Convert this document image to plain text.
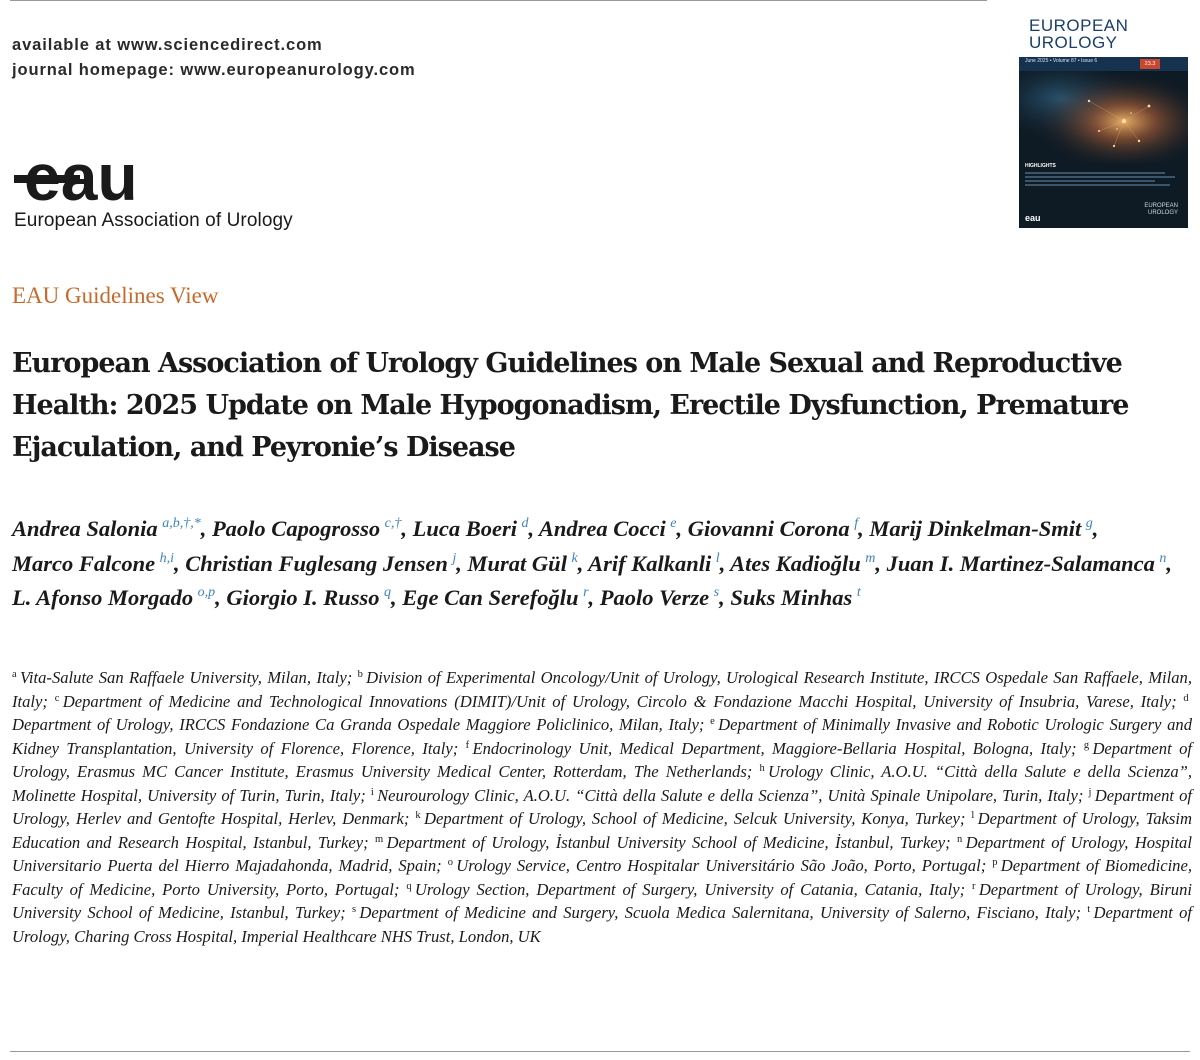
available at www.sciencedirect.com
journal homepage: www.europeanurology.com
eau
European Association of Urology
EUROPEAN
UROLOGY
June 2025 • Volume 87 • Issue 6	23.3
HIGHLIGHTS
eau
EUROPEAN
UROLOGY
EAU Guidelines View
European Association of Urology Guidelines on Male Sexual and Reproductive Health: 2025 Update on Male Hypogonadism, Erectile Dysfunction, Premature Ejaculation, and Peyronie’s Disease

Andrea Salonia  $^{a,b,\dagger,*}$, Paolo Capogrosso  $^{c,\dagger}$, Luca Boeri  $^d$, Andrea Cocci  $^e$, Giovanni Corona  $^f$, Marij Dinkelman-Smit  $^g$, Marco Falcone  $^{h,i}$, Christian Fuglesang Jensen  $^j$, Murat Gül  $^k$, Arif Kalkanli  $^l$, Ates Kadioğlu  $^m$, Juan I. Martinez-Salamanca  $^n$, L. Afonso Morgado  $^{o,p}$, Giorgio I. Russo  $^q$, Ege Can Serefoğlu  $^r$, Paolo Verze  $^s$, Suks Minhas  $^t$

$^a$  Vita-Salute San Raffaele University, Milan, Italy; $^b$  Division of Experimental Oncology/Unit of Urology, Urological Research Institute, IRCCS Ospedale San Raffaele, Milan, Italy; $^c$  Department of Medicine and Technological Innovations (DIMIT)/Unit of Urology, Circolo & Fondazione Macchi Hospital, University of Insubria, Varese, Italy; $^d$ Department of Urology, IRCCS Fondazione Ca Granda Ospedale Maggiore Policlinico, Milan, Italy; $^e$  Department of Minimally Invasive and Robotic Urologic Surgery and Kidney Transplantation, University of Florence, Florence, Italy; $^f$  Endocrinology Unit, Medical Department, Maggiore-Bellaria Hospital, Bologna, Italy; $^g$  Department of Urology, Erasmus MC Cancer Institute, Erasmus University Medical Center, Rotterdam, The Netherlands; $^h$  Urology Clinic, A.O.U. “Città della Salute e della Scienza”, Molinette Hospital, University of Turin, Turin, Italy; $^i$  Neurourology Clinic, A.O.U. “Città della Salute e della Scienza”, Unità Spinale Unipolare, Turin, Italy; $^j$  Department of Urology, Herlev and Gentofte Hospital, Herlev, Denmark; $^k$  Department of Urology, School of Medicine, Selcuk University, Konya, Turkey; $^l$  Department of Urology, Taksim Education and Research Hospital, Istanbul, Turkey; $^m$  Department of Urology, İstanbul University School of Medicine, İstanbul, Turkey; $^n$  Department of Urology, Hospital Universitario Puerta del Hierro Majadahonda, Madrid, Spain; $^o$  Urology Service, Centro Hospitalar Universitário São João, Porto, Portugal; $^p$  Department of Biomedicine, Faculty of Medicine, Porto University, Porto, Portugal; $^q$  Urology Section, Department of Surgery, University of Catania, Catania, Italy; $^r$  Department of Urology, Biruni University School of Medicine, Istanbul, Turkey; $^s$  Department of Medicine and Surgery, Scuola Medica Salernitana, University of Salerno, Fisciano, Italy; $^t$  Department of Urology, Charing Cross Hospital, Imperial Healthcare NHS Trust, London, UK
